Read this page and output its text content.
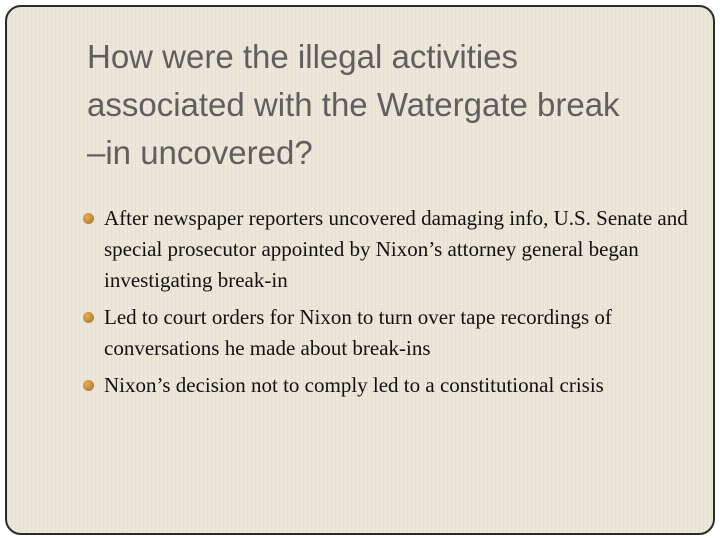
How were the illegal activities associated with the Watergate break –in uncovered?
After newspaper reporters uncovered damaging info, U.S. Senate and special prosecutor appointed by Nixon’s attorney general began investigating break-in
Led to court orders for Nixon to turn over tape recordings of conversations he made about break-ins
Nixon’s decision not to comply led to a constitutional crisis
